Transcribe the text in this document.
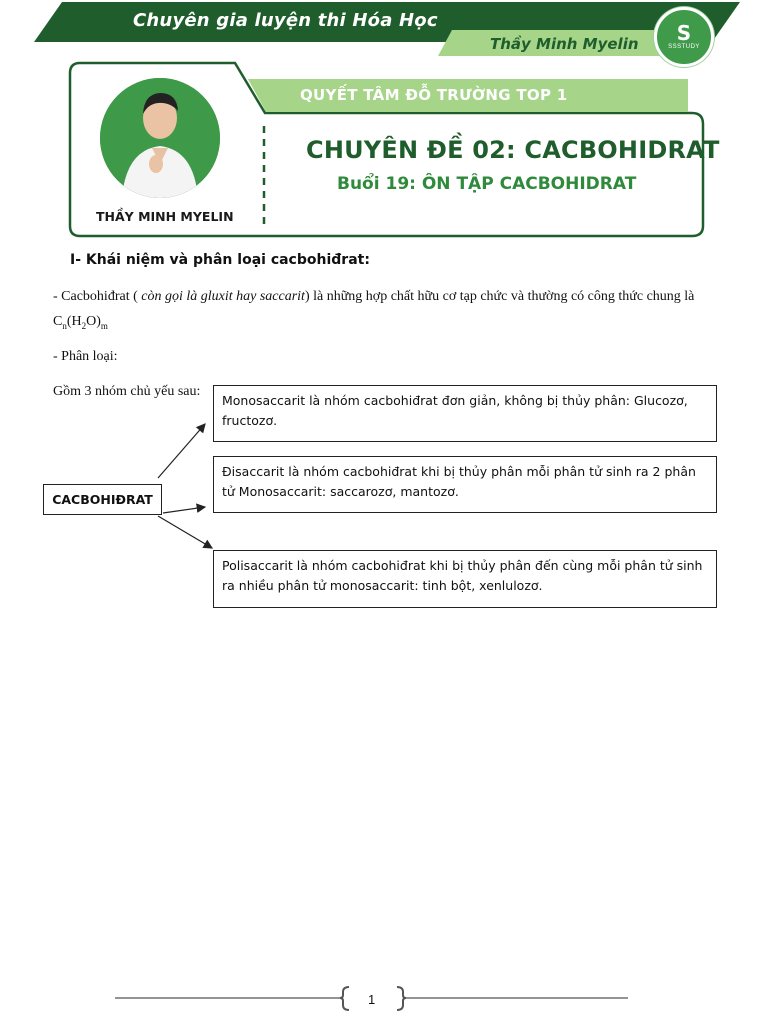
Chuyên gia luyện thi Hóa Học
Thầy Minh Myelin S
SSSTUDY
QUYẾT TÂM ĐỖ TRƯỜNG TOP 1
CHUYÊN ĐỀ 02: CACBOHIDRAT
Buổi 19: ÔN TẬP CACBOHIDRAT
THẦY MINH MYELIN
I- Khái niệm và phân loại cacbohiđrat:
- Cacbohiđrat ( còn gọi là gluxit hay saccarit) là những hợp chất hữu cơ tạp chức và thường có công thức chung là
$C_n(H_2O)_m$
- Phân loại:
Gồm 3 nhóm chủ yếu sau:
CACBOHIĐRAT
Monosaccarit là nhóm cacbohiđrat đơn giản, không bị thủy phân: Glucozơ, fructozơ.
Đisaccarit là nhóm cacbohiđrat khi bị thủy phân mỗi phân tử sinh ra 2 phân tử Monosaccarit: saccarozơ, mantozơ.
Polisaccarit là nhóm cacbohiđrat khi bị thủy phân đến cùng mỗi phân tử sinh ra nhiều phân tử monosaccarit: tinh bột, xenlulozơ.
1
